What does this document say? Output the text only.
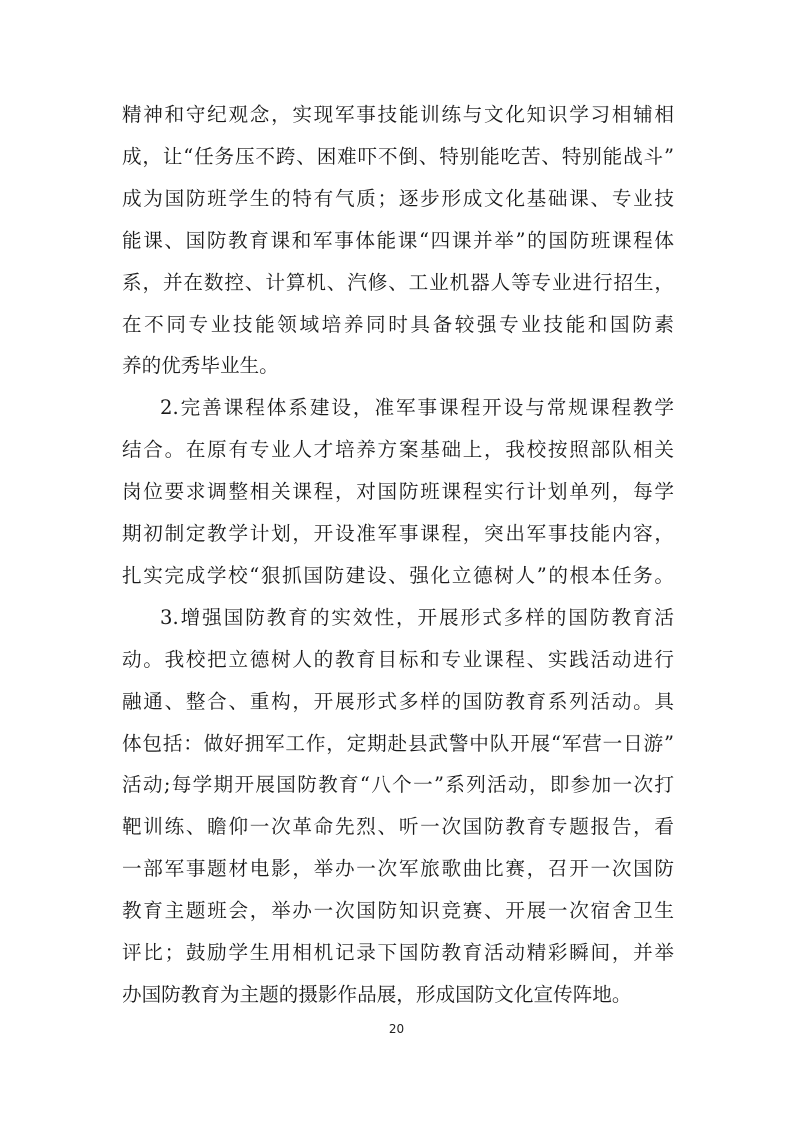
精神和守纪观念，实现军事技能训练与文化知识学习相辅相
成，让“任务压不跨、困难吓不倒、特别能吃苦、特别能战斗”
成为国防班学生的特有气质；逐步形成文化基础课、专业技
能课、国防教育课和军事体能课“四课并举”的国防班课程体
系，并在数控、计算机、汽修、工业机器人等专业进行招生，
在不同专业技能领域培养同时具备较强专业技能和国防素
养的优秀毕业生。
2.完善课程体系建设，准军事课程开设与常规课程教学
结合。在原有专业人才培养方案基础上，我校按照部队相关
岗位要求调整相关课程，对国防班课程实行计划单列，每学
期初制定教学计划，开设准军事课程，突出军事技能内容，
扎实完成学校“狠抓国防建设、强化立德树人”的根本任务。
3.增强国防教育的实效性，开展形式多样的国防教育活
动。我校把立德树人的教育目标和专业课程、实践活动进行
融通、整合、重构，开展形式多样的国防教育系列活动。具
体包括：做好拥军工作，定期赴县武警中队开展“军营一日游”
活动;每学期开展国防教育“八个一”系列活动，即参加一次打
靶训练、瞻仰一次革命先烈、听一次国防教育专题报告，看
一部军事题材电影，举办一次军旅歌曲比赛，召开一次国防
教育主题班会，举办一次国防知识竞赛、开展一次宿舍卫生
评比；鼓励学生用相机记录下国防教育活动精彩瞬间，并举
办国防教育为主题的摄影作品展，形成国防文化宣传阵地。
20
